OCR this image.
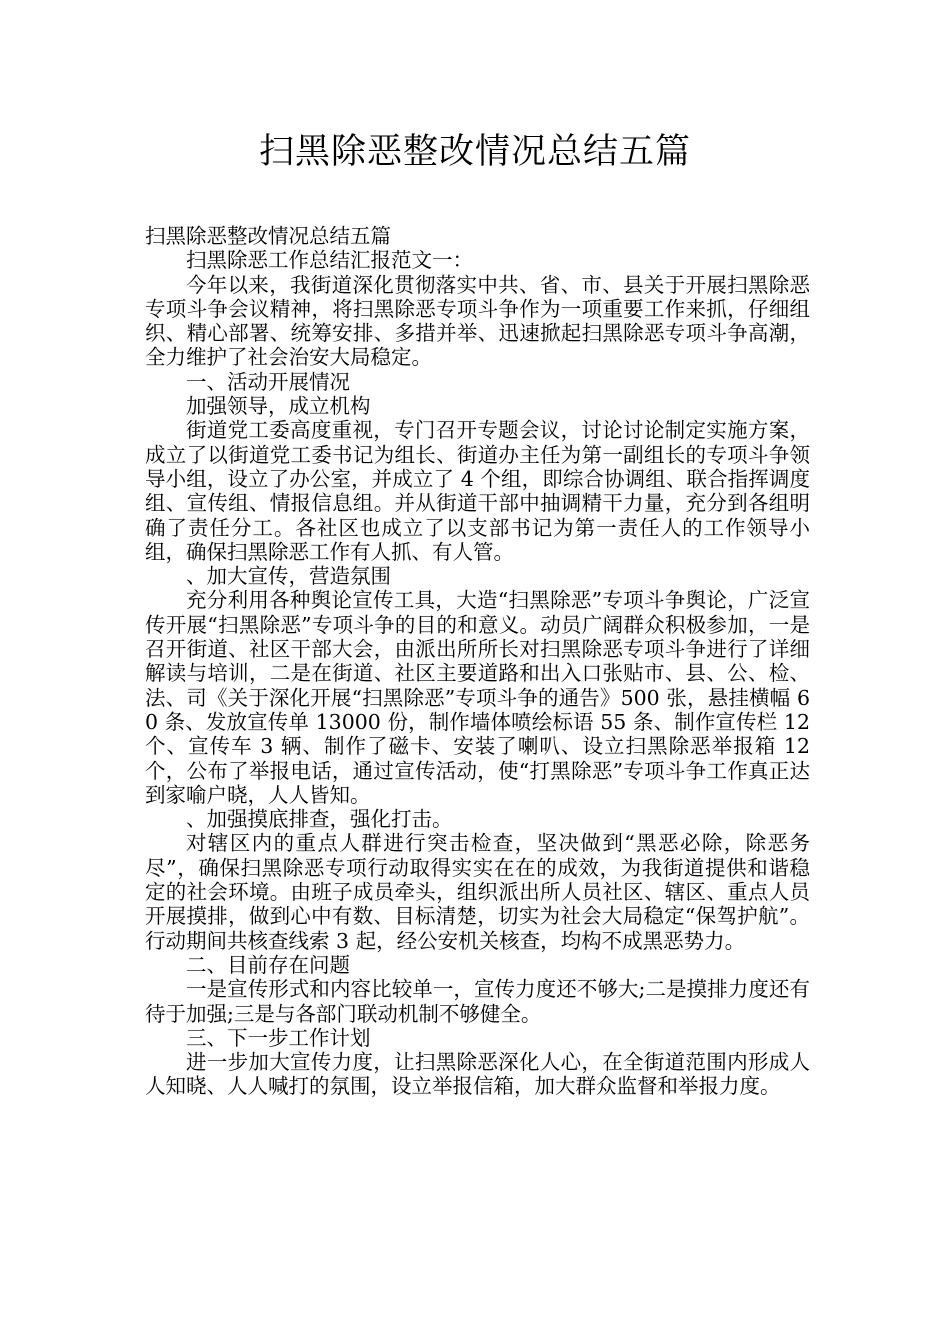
扫黑除恶整改情况总结五篇

扫黑除恶整改情况总结五篇

扫黑除恶工作总结汇报范文一：

今年以来，我街道深化贯彻落实中共、省、市、县关于开展扫黑除恶专项斗争会议精神，将扫黑除恶专项斗争作为一项重要工作来抓，仔细组织、精心部署、统筹安排、多措并举、迅速掀起扫黑除恶专项斗争高潮，全力维护了社会治安大局稳定。

一、活动开展情况

加强领导，成立机构

街道党工委高度重视，专门召开专题会议，讨论讨论制定实施方案，成立了以街道党工委书记为组长、街道办主任为第一副组长的专项斗争领导小组，设立了办公室，并成立了 4 个组，即综合协调组、联合指挥调度组、宣传组、情报信息组。并从街道干部中抽调精干力量，充分到各组明确了责任分工。各社区也成立了以支部书记为第一责任人的工作领导小组，确保扫黑除恶工作有人抓、有人管。

、加大宣传，营造氛围

充分利用各种舆论宣传工具，大造“扫黑除恶”专项斗争舆论，广泛宣传开展“扫黑除恶”专项斗争的目的和意义。动员广阔群众积极参加，一是召开街道、社区干部大会，由派出所所长对扫黑除恶专项斗争进行了详细解读与培训，二是在街道、社区主要道路和出入口张贴市、县、公、检、法、司《关于深化开展“扫黑除恶”专项斗争的通告》500 张，悬挂横幅 60 条、发放宣传单 13000 份，制作墙体喷绘标语 55 条、制作宣传栏 12 个、宣传车 3 辆、制作了磁卡、安装了喇叭、设立扫黑除恶举报箱 12 个，公布了举报电话，通过宣传活动，使“打黑除恶”专项斗争工作真正达到家喻户晓，人人皆知。

、加强摸底排查，强化打击。

对辖区内的重点人群进行突击检查，坚决做到“黑恶必除，除恶务尽”，确保扫黑除恶专项行动取得实实在在的成效，为我街道提供和谐稳定的社会环境。由班子成员牵头，组织派出所人员社区、辖区、重点人员开展摸排，做到心中有数、目标清楚，切实为社会大局稳定“保驾护航”。行动期间共核查线索 3 起，经公安机关核查，均构不成黑恶势力。

二、目前存在问题

一是宣传形式和内容比较单一，宣传力度还不够大;二是摸排力度还有待于加强;三是与各部门联动机制不够健全。

三、下一步工作计划

进一步加大宣传力度，让扫黑除恶深化人心，在全街道范围内形成人人知晓、人人喊打的氛围，设立举报信箱，加大群众监督和举报力度。
